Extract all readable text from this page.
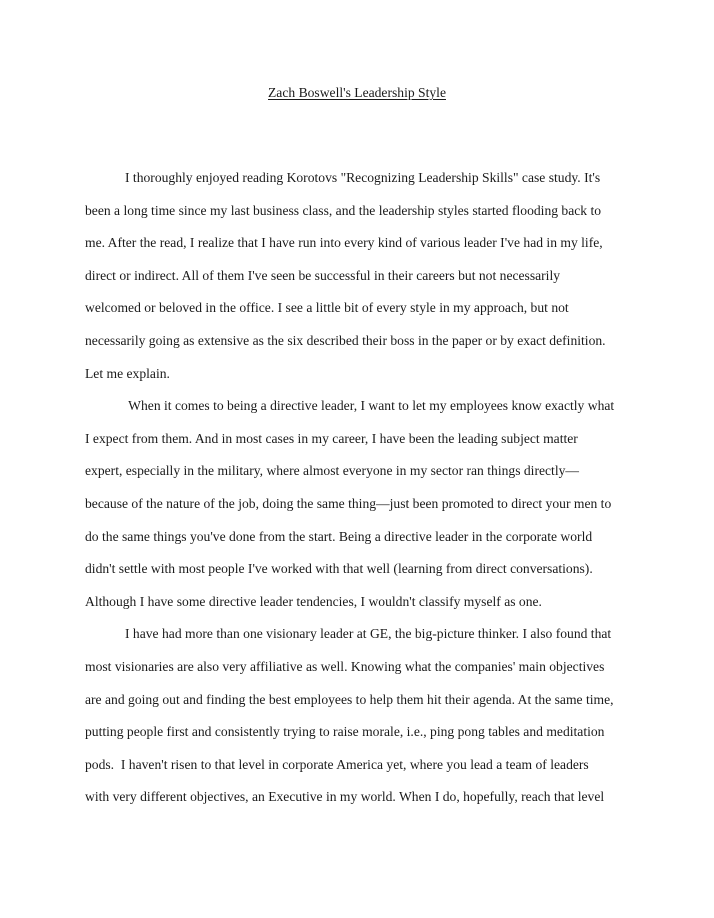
Zach Boswell's Leadership Style
I thoroughly enjoyed reading Korotovs "Recognizing Leadership Skills" case study. It's
been a long time since my last business class, and the leadership styles started flooding back to
me. After the read, I realize that I have run into every kind of various leader I've had in my life,
direct or indirect. All of them I've seen be successful in their careers but not necessarily
welcomed or beloved in the office. I see a little bit of every style in my approach, but not
necessarily going as extensive as the six described their boss in the paper or by exact definition.
Let me explain.
When it comes to being a directive leader, I want to let my employees know exactly what
I expect from them. And in most cases in my career, I have been the leading subject matter
expert, especially in the military, where almost everyone in my sector ran things directly—
because of the nature of the job, doing the same thing—just been promoted to direct your men to
do the same things you've done from the start. Being a directive leader in the corporate world
didn't settle with most people I've worked with that well (learning from direct conversations).
Although I have some directive leader tendencies, I wouldn't classify myself as one.
I have had more than one visionary leader at GE, the big-picture thinker. I also found that
most visionaries are also very affiliative as well. Knowing what the companies' main objectives
are and going out and finding the best employees to help them hit their agenda. At the same time,
putting people first and consistently trying to raise morale, i.e., ping pong tables and meditation
pods.  I haven't risen to that level in corporate America yet, where you lead a team of leaders
with very different objectives, an Executive in my world. When I do, hopefully, reach that level
